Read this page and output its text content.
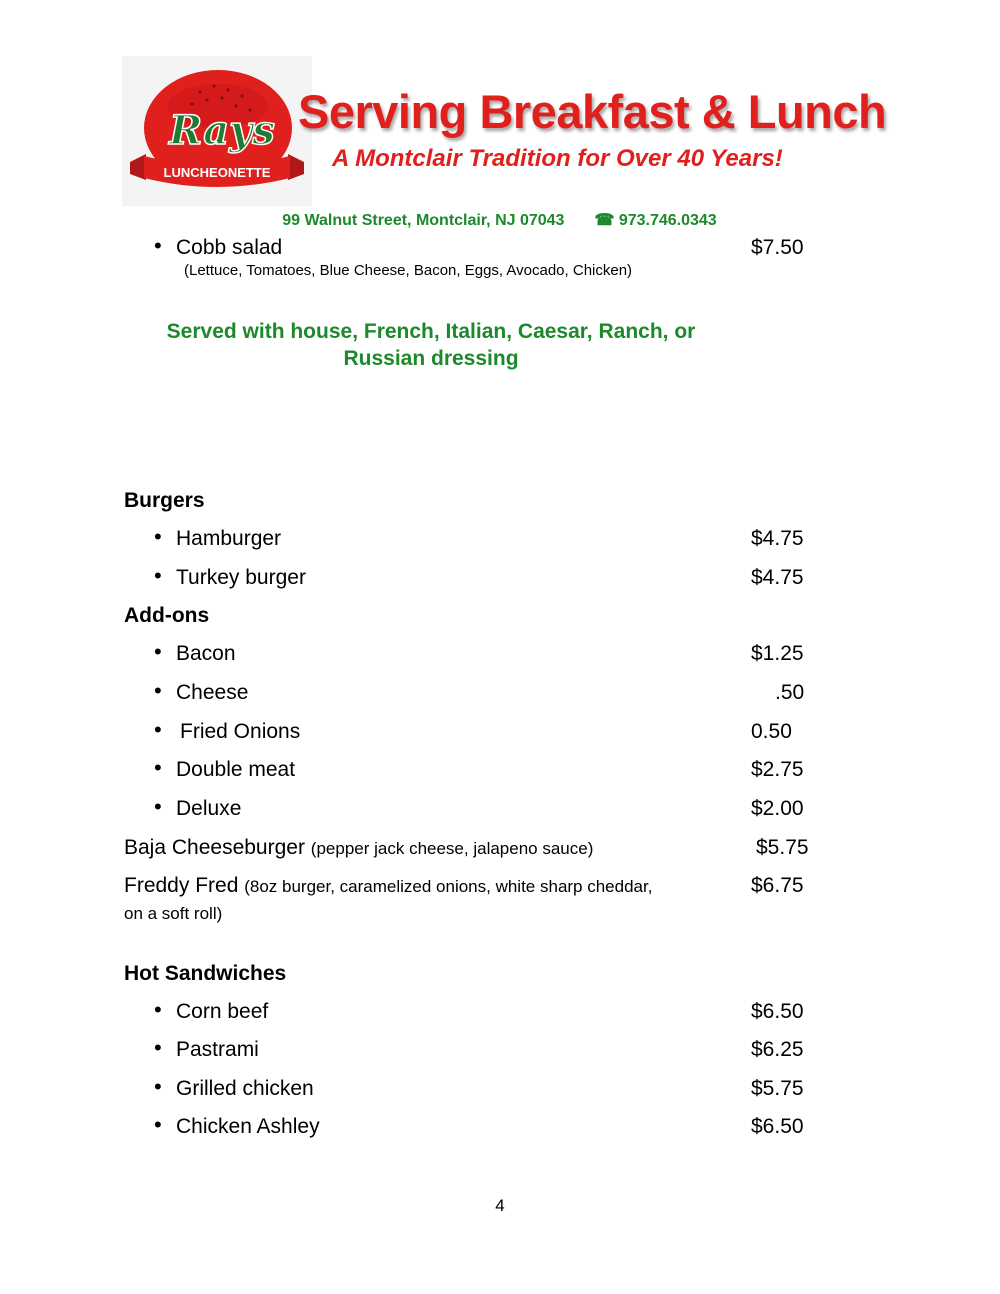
Rays
LUNCHEONETTE
Serving Breakfast & Lunch
A Montclair Tradition for Over 40 Years!
99 Walnut Street, Montclair, NJ 07043 ☎ 973.746.0343
• Cobb salad	$7.50
(Lettuce, Tomatoes, Blue Cheese, Bacon, Eggs, Avocado, Chicken)
Served with house, French, Italian, Caesar, Ranch, or Russian dressing
Burgers
• Hamburger	$4.75
• Turkey burger	$4.75
Add-ons
• Bacon	$1.25
• Cheese	.50
• Fried Onions	0.50
• Double meat	$2.75
• Deluxe	$2.00
Baja Cheeseburger (pepper jack cheese, jalapeno sauce)	$5.75
Freddy Fred (8oz burger, caramelized onions, white sharp cheddar,	$6.75
on a soft roll)
Hot Sandwiches
• Corn beef	$6.50
• Pastrami	$6.25
• Grilled chicken	$5.75
• Chicken Ashley	$6.50
4
